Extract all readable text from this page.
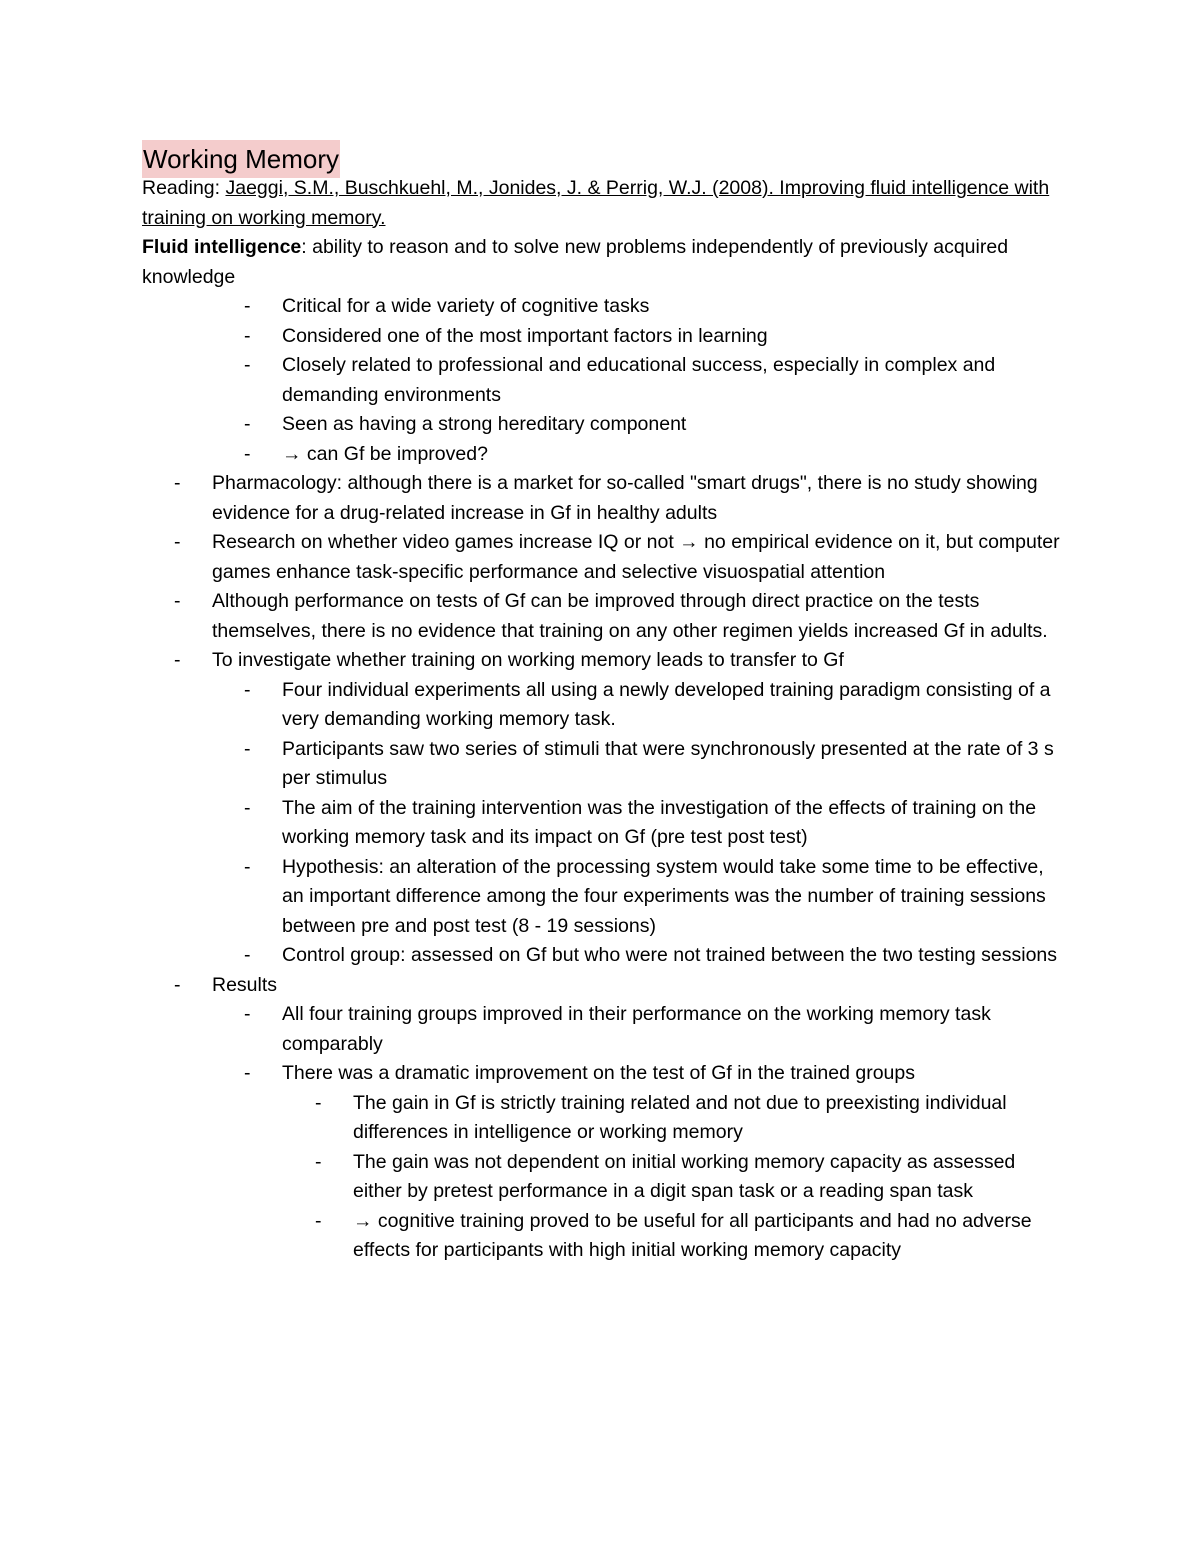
Working Memory

Reading: Jaeggi, S.M., Buschkuehl, M., Jonides, J. & Perrig, W.J. (2008). Improving fluid intelligence with training on working memory.

Fluid intelligence: ability to reason and to solve new problems independently of previously acquired knowledge

- Critical for a wide variety of cognitive tasks
- Considered one of the most important factors in learning
- Closely related to professional and educational success, especially in complex and demanding environments
- Seen as having a strong hereditary component
- → can Gf be improved?
- Pharmacology: although there is a market for so-called "smart drugs", there is no study showing evidence for a drug-related increase in Gf in healthy adults
- Research on whether video games increase IQ or not → no empirical evidence on it, but computer games enhance task-specific performance and selective visuospatial attention
- Although performance on tests of Gf can be improved through direct practice on the tests themselves, there is no evidence that training on any other regimen yields increased Gf in adults.
- To investigate whether training on working memory leads to transfer to Gf
- Four individual experiments all using a newly developed training paradigm consisting of a very demanding working memory task.
- Participants saw two series of stimuli that were synchronously presented at the rate of 3 s per stimulus
- The aim of the training intervention was the investigation of the effects of training on the working memory task and its impact on Gf (pre test post test)
- Hypothesis: an alteration of the processing system would take some time to be effective, an important difference among the four experiments was the number of training sessions between pre and post test (8 - 19 sessions)
- Control group: assessed on Gf but who were not trained between the two testing sessions
- Results
- All four training groups improved in their performance on the working memory task comparably
- There was a dramatic improvement on the test of Gf in the trained groups
- The gain in Gf is strictly training related and not due to preexisting individual differences in intelligence or working memory
- The gain was not dependent on initial working memory capacity as assessed either by pretest performance in a digit span task or a reading span task
- → cognitive training proved to be useful for all participants and had no adverse effects for participants with high initial working memory capacity
